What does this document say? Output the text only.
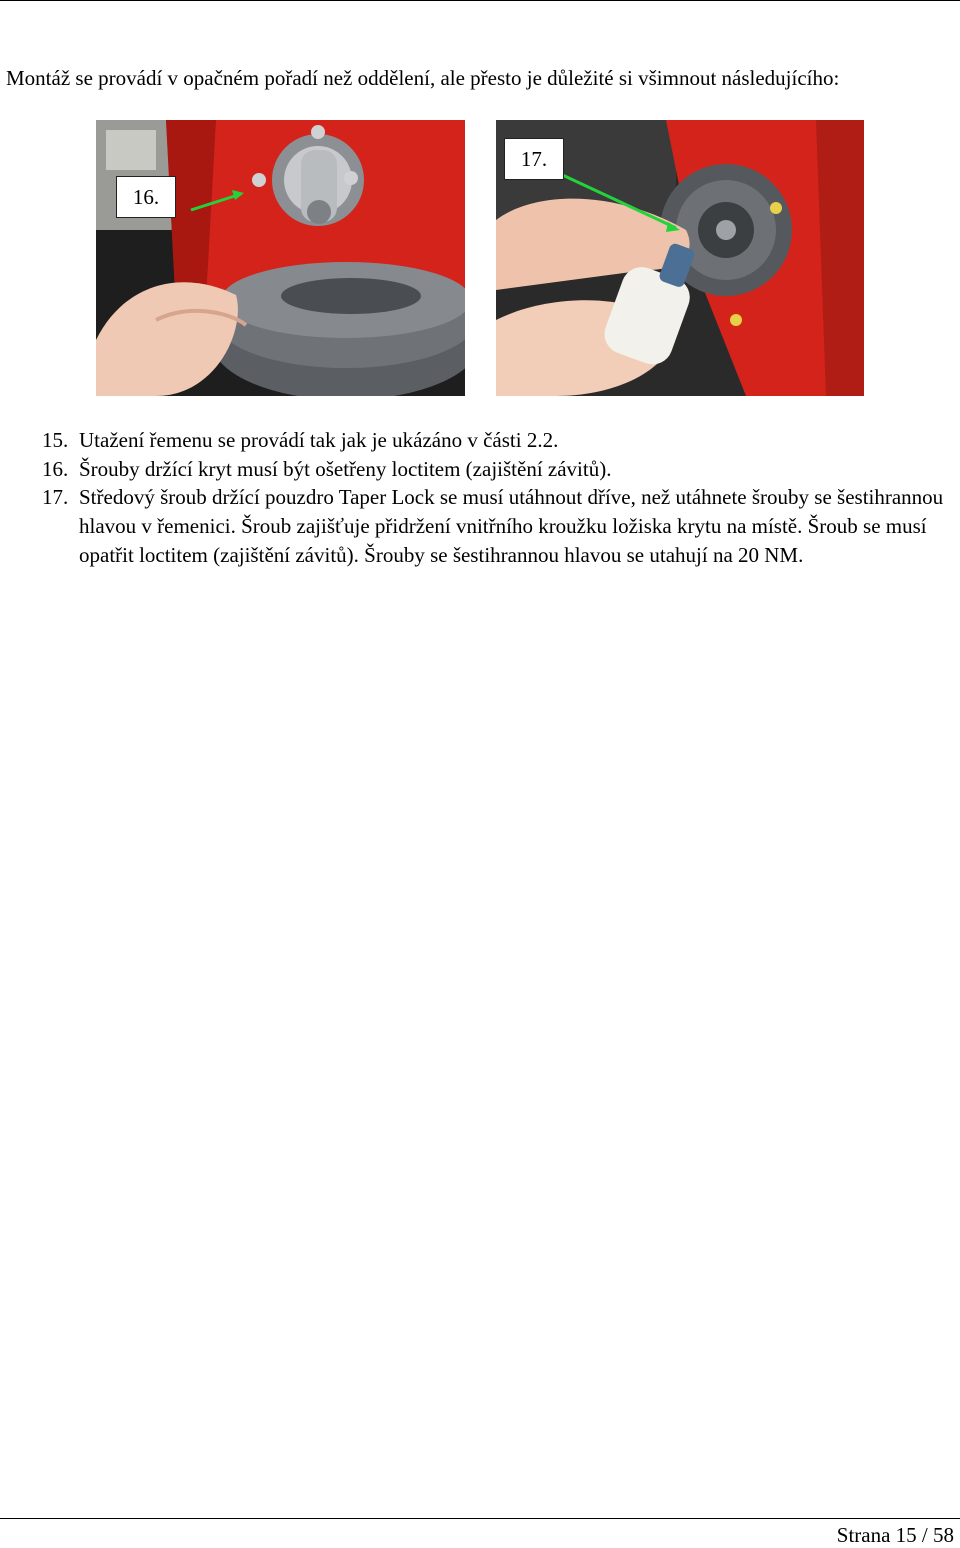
Montáž se provádí v opačném pořadí než oddělení, ale přesto je důležité si všimnout následujícího:

16.
17.
15. Utažení řemenu se provádí tak jak je ukázáno v části 2.2.
16. Šrouby držící kryt musí být ošetřeny loctitem (zajištění závitů).
17. Středový šroub držící pouzdro Taper Lock se musí utáhnout dříve, než utáhnete šrouby se šestihrannou hlavou v řemenici. Šroub zajišťuje přidržení vnitřního kroužku ložiska krytu na místě. Šroub se musí opatřit loctitem (zajištění závitů). Šrouby se šestihrannou hlavou se utahují na 20 NM.
Strana 15 / 58
